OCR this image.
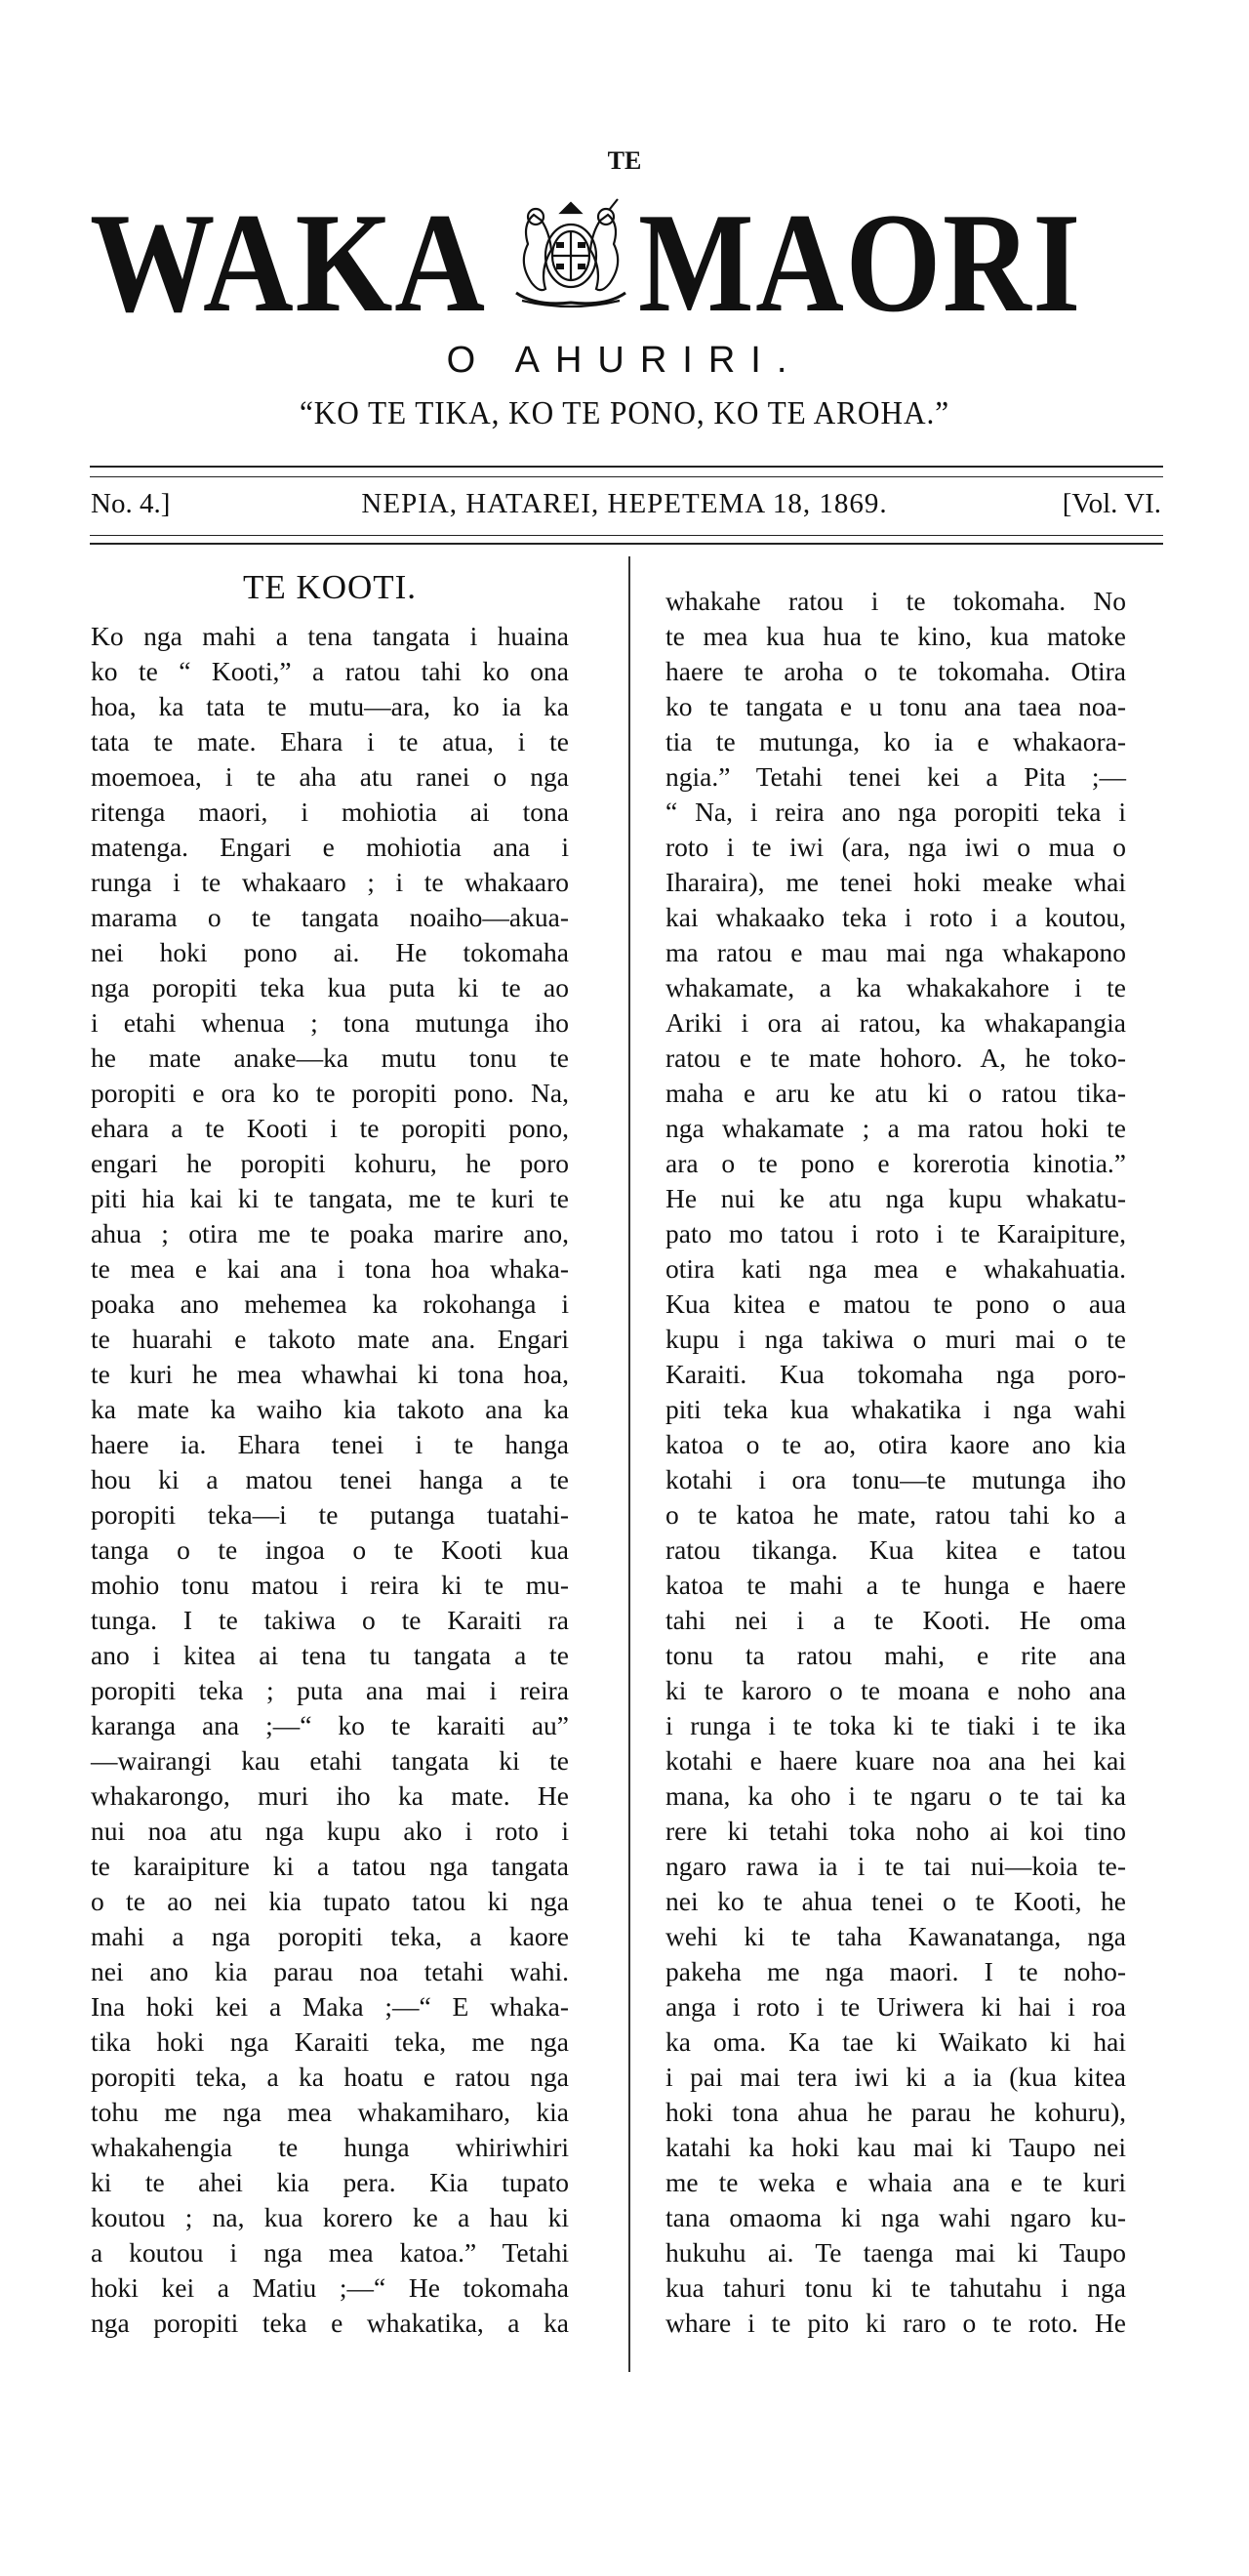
TE
WAKA MAORI
O AHURIRI.
“KO TE TIKA, KO TE PONO, KO TE AROHA.”
No. 4.]	NEPIA, HATAREI, HEPETEMA 18, 1869.	[Vol. VI.
TE KOOTI.
Ko nga mahi a tena tangata i huaina
ko te “ Kooti,” a ratou tahi ko ona
hoa, ka tata te mutu—ara, ko ia ka
tata te mate. Ehara i te atua, i te
moemoea, i te aha atu ranei o nga
ritenga maori, i mohiotia ai tona
matenga. Engari e mohiotia ana i
runga i te whakaaro ; i te whakaaro
marama o te tangata noaiho—akua-
nei hoki pono ai. He tokomaha
nga poropiti teka kua puta ki te ao
i etahi whenua ; tona mutunga iho
he mate anake—ka mutu tonu te
poropiti e ora ko te poropiti pono. Na,
ehara a te Kooti i te poropiti pono,
engari he poropiti kohuru, he poro
piti hia kai ki te tangata, me te kuri te
ahua ; otira me te poaka marire ano,
te mea e kai ana i tona hoa whaka-
poaka ano mehemea ka rokohanga i
te huarahi e takoto mate ana. Engari
te kuri he mea whawhai ki tona hoa,
ka mate ka waiho kia takoto ana ka
haere ia. Ehara tenei i te hanga
hou ki a matou tenei hanga a te
poropiti teka—i te putanga tuatahi-
tanga o te ingoa o te Kooti kua
mohio tonu matou i reira ki te mu-
tunga. I te takiwa o te Karaiti ra
ano i kitea ai tena tu tangata a te
poropiti teka ; puta ana mai i reira
karanga ana ;—“ ko te karaiti au”
—wairangi kau etahi tangata ki te
whakarongo, muri iho ka mate. He
nui noa atu nga kupu ako i roto i
te karaipiture ki a tatou nga tangata
o te ao nei kia tupato tatou ki nga
mahi a nga poropiti teka, a kaore
nei ano kia parau noa tetahi wahi.
Ina hoki kei a Maka ;—“ E whaka-
tika hoki nga Karaiti teka, me nga
poropiti teka, a ka hoatu e ratou nga
tohu me nga mea whakamiharo, kia
whakahengia te hunga whiriwhiri
ki te ahei kia pera. Kia tupato
koutou ; na, kua korero ke a hau ki
a koutou i nga mea katoa.” Tetahi
hoki kei a Matiu ;—“ He tokomaha
nga poropiti teka e whakatika, a ka
whakahe ratou i te tokomaha. No
te mea kua hua te kino, kua matoke
haere te aroha o te tokomaha. Otira
ko te tangata e u tonu ana taea noa-
tia te mutunga, ko ia e whakaora-
ngia.” Tetahi tenei kei a Pita ;—
“ Na, i reira ano nga poropiti teka i
roto i te iwi (ara, nga iwi o mua o
Iharaira), me tenei hoki meake whai
kai whakaako teka i roto i a koutou,
ma ratou e mau mai nga whakapono
whakamate, a ka whakakahore i te
Ariki i ora ai ratou, ka whakapangia
ratou e te mate hohoro. A, he toko-
maha e aru ke atu ki o ratou tika-
nga whakamate ; a ma ratou hoki te
ara o te pono e korerotia kinotia.”
He nui ke atu nga kupu whakatu-
pato mo tatou i roto i te Karaipiture,
otira kati nga mea e whakahuatia.
Kua kitea e matou te pono o aua
kupu i nga takiwa o muri mai o te
Karaiti. Kua tokomaha nga poro-
piti teka kua whakatika i nga wahi
katoa o te ao, otira kaore ano kia
kotahi i ora tonu—te mutunga iho
o te katoa he mate, ratou tahi ko a
ratou tikanga. Kua kitea e tatou
katoa te mahi a te hunga e haere
tahi nei i a te Kooti. He oma
tonu ta ratou mahi, e rite ana
ki te karoro o te moana e noho ana
i runga i te toka ki te tiaki i te ika
kotahi e haere kuare noa ana hei kai
mana, ka oho i te ngaru o te tai ka
rere ki tetahi toka noho ai koi tino
ngaro rawa ia i te tai nui—koia te-
nei ko te ahua tenei o te Kooti, he
wehi ki te taha Kawanatanga, nga
pakeha me nga maori. I te noho-
anga i roto i te Uriwera ki hai i roa
ka oma. Ka tae ki Waikato ki hai
i pai mai tera iwi ki a ia (kua kitea
hoki tona ahua he parau he kohuru),
katahi ka hoki kau mai ki Taupo nei
me te weka e whaia ana e te kuri
tana omaoma ki nga wahi ngaro ku-
hukuhu ai. Te taenga mai ki Taupo
kua tahuri tonu ki te tahutahu i nga
whare i te pito ki raro o te roto. He
